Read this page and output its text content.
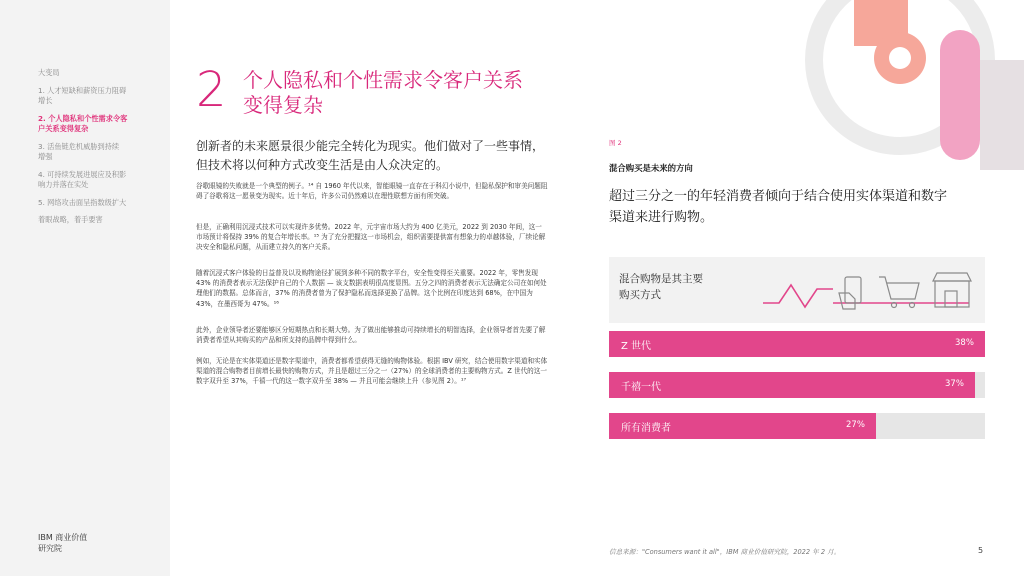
大变局
1. 人才短缺和薪资压力阻碍
增长
2. 个人隐私和个性需求令客
户关系变得复杂
3. 活鱼链危机威胁到持续
增强
4. 可持续发展进展应及积影
响力并落在实处
5. 网络攻击面呈指数级扩大
着眼战略，着手要害
IBM 商业价值
研究院
2 个人隐私和个性需求令客户关系
变得复杂
创新者的未来愿景很少能完全转化为现实。他们做对了一些事情，但技术将以何种方式改变生活是由人众决定的。
谷歌眼镜的失败就是一个典型的例子。¹⁴ 自 1960 年代以来，智能眼镜一直存在于科幻小说中，但隐私保护和审美问题阻碍了谷歌将这一愿景变为现实。近十年后，许多公司仍然难以在理性联想方面有所突破。
但是，正确利用沉浸式技术可以实现许多优势。2022 年，元宇宙市场大约为 400 亿美元，2022 到 2030 年间，这一市场预计将保持 39% 的复合年增长率。¹⁵ 为了充分把握这一市场机会，组织需要提供富有想象力的卓越体验，厂续论解决安全和隐私问题，从而建立持久的客户关系。
随着沉浸式客户体验的日益普及以及购物途径扩展到多种不同的数字平台，安全性变得至关重要。2022 年，零售发现 43% 的消费者表示无法保护自己的个人数据 — 该支数据表明很高度显图。五分之四的消费者表示无法确定公司在如何处理他们的数据。总体而言，37% 的消费者曾为了保护隐私而选择更换了品牌。这个比例在印度达到 68%，在中国为 43%，在墨西哥为 47%。¹⁶
此外，企业领导者还要能够区分短期热点和长期大势。为了做出能够推动可持续增长的明智选择，企业领导者首先要了解消费者希望从其购买的产品和所支持的品牌中得到什么。
例如，无论是在实体渠道还是数字渠道中，消费者都希望获得无缝的购物体验。根据 IBV 研究，结合使用数字渠道和实体渠道的混合购物者目前增长最快的购物方式，并且是超过三分之一（27%）的全球消费者的主要购物方式。Z 世代的这一数字双升至 37%，千禧一代的这一数字双升至 38% — 并且可能会继续上升（参见图 2）。¹⁷
图 2
混合购买是未来的方向
超过三分之一的年轻消费者倾向于结合使用实体渠道和数字渠道来进行购物。
混合购物是其主要
购买方式
Z 世代	38%
千禧一代	37%
所有消费者	27%
信息来源："Consumers want it all"，IBM 商业价值研究院，2022 年 2 月。	5
